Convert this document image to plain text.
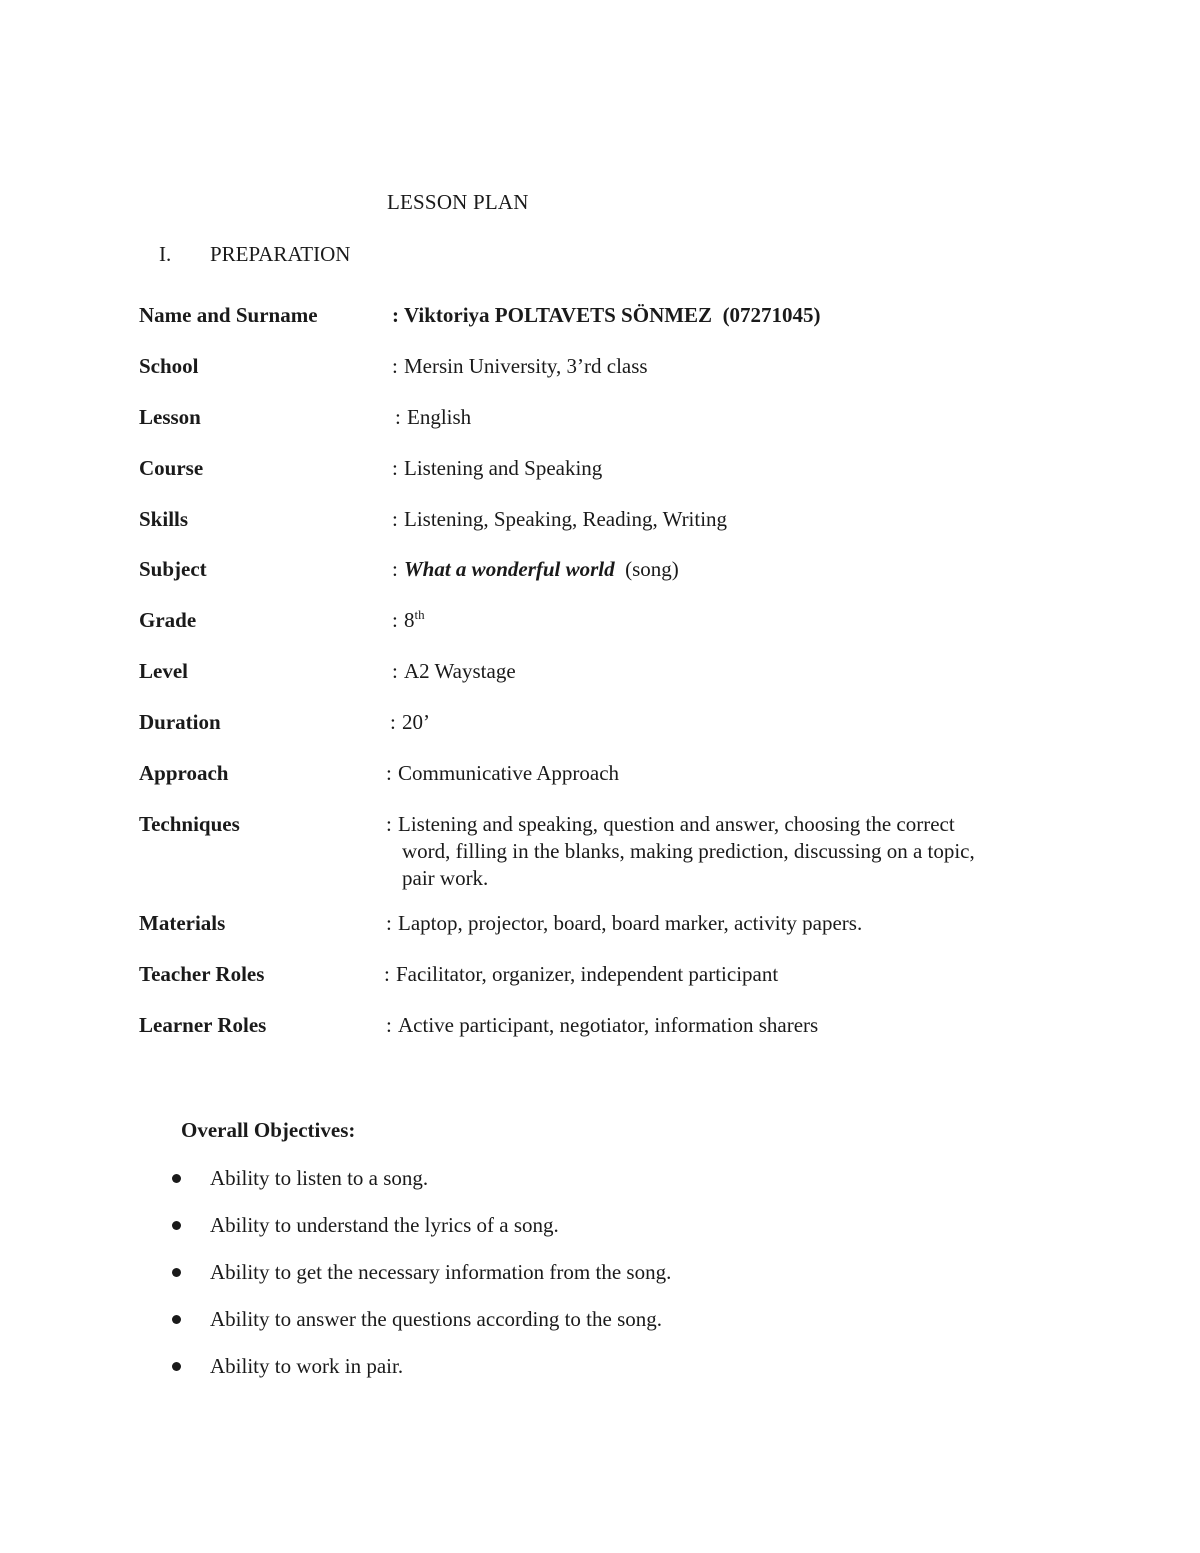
LESSON PLAN
I. PREPARATION
Name and Surname	: Viktoriya POLTAVETS SÖNMEZ  (07271045)
School	: Mersin University, 3’rd class
Lesson	: English
Course	: Listening and Speaking
Skills	: Listening, Speaking, Reading, Writing
Subject	: What a wonderful world (song)
Grade	: 8th
Level	: A2 Waystage
Duration	: 20’
Approach	: Communicative Approach
Techniques	: Listening and speaking, question and answer, choosing the correct
word, filling in the blanks, making prediction, discussing on a topic,
pair work.
Materials	: Laptop, projector, board, board marker, activity papers.
Teacher Roles	: Facilitator, organizer, independent participant
Learner Roles	: Active participant, negotiator, information sharers
Overall Objectives:
Ability to listen to a song.
Ability to understand the lyrics of a song.
Ability to get the necessary information from the song.
Ability to answer the questions according to the song.
Ability to work in pair.
